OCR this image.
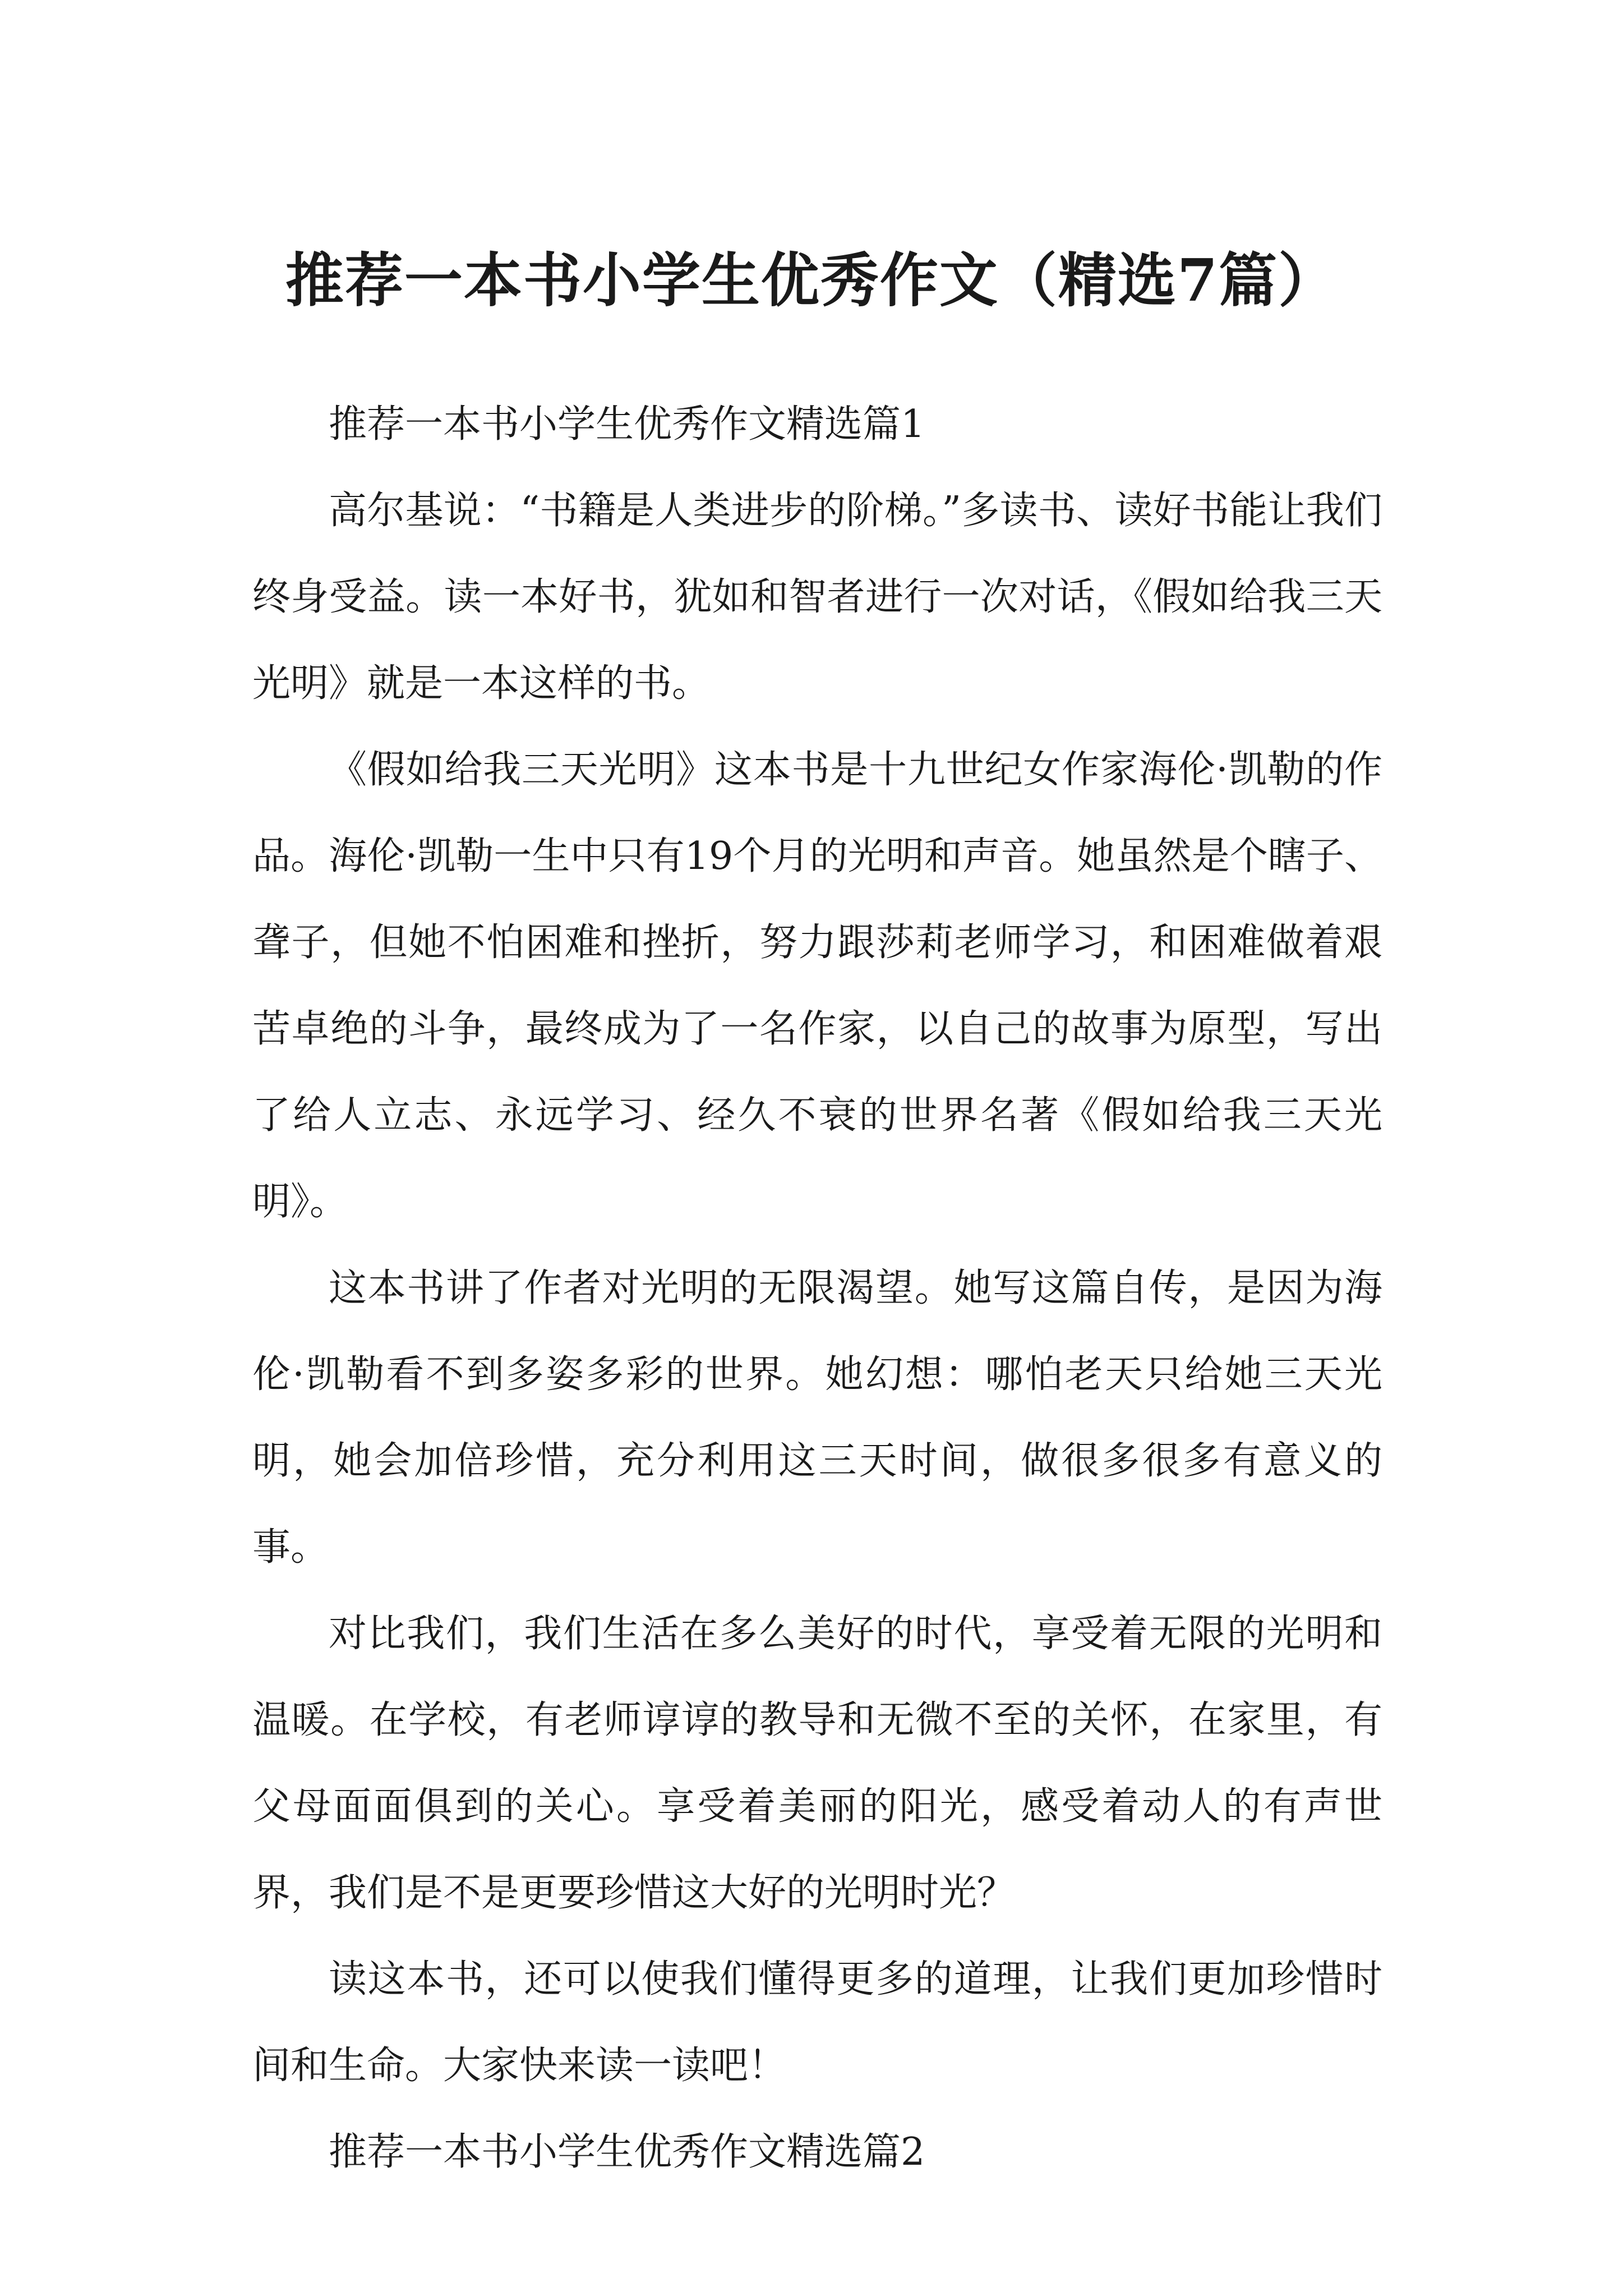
推荐一本书小学生优秀作文（精选7篇）

推荐一本书小学生优秀作文精选篇1

高尔基说：“书籍是人类进步的阶梯。”多读书、读好书能让我们终身受益。读一本好书，犹如和智者进行一次对话，《假如给我三天光明》就是一本这样的书。

《假如给我三天光明》这本书是十九世纪女作家海伦·凯勒的作品。海伦·凯勒一生中只有19个月的光明和声音。她虽然是个瞎子、聋子，但她不怕困难和挫折，努力跟莎莉老师学习，和困难做着艰苦卓绝的斗争，最终成为了一名作家，以自己的故事为原型，写出了给人立志、永远学习、经久不衰的世界名著《假如给我三天光明》。

这本书讲了作者对光明的无限渴望。她写这篇自传，是因为海伦·凯勒看不到多姿多彩的世界。她幻想：哪怕老天只给她三天光明，她会加倍珍惜，充分利用这三天时间，做很多很多有意义的事。

对比我们，我们生活在多么美好的时代，享受着无限的光明和温暖。在学校，有老师谆谆的教导和无微不至的关怀，在家里，有父母面面俱到的关心。享受着美丽的阳光，感受着动人的有声世界，我们是不是更要珍惜这大好的光明时光？

读这本书，还可以使我们懂得更多的道理，让我们更加珍惜时间和生命。大家快来读一读吧！

推荐一本书小学生优秀作文精选篇2
